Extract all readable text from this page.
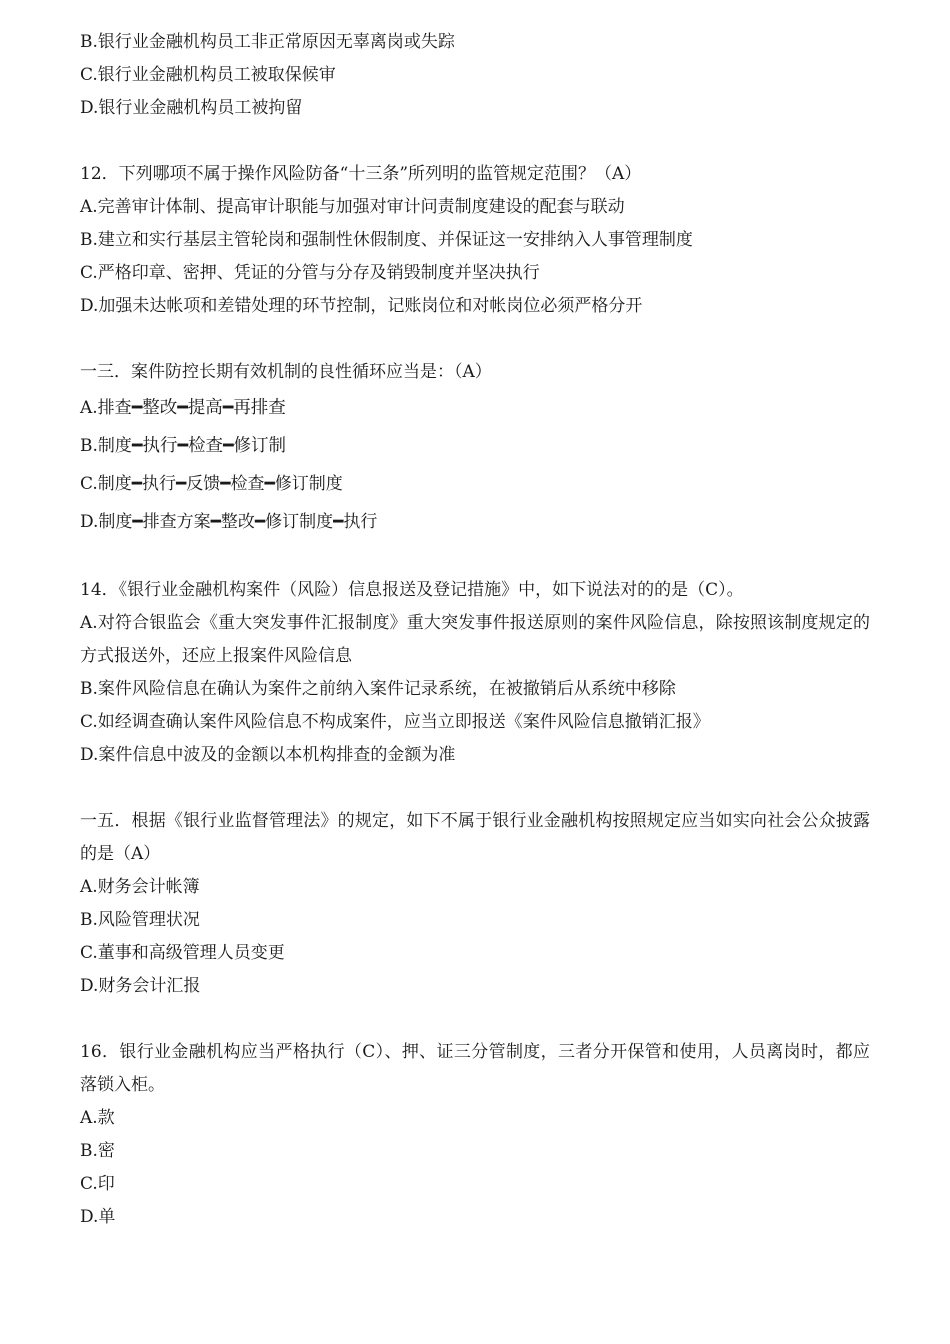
B.银行业金融机构员工非正常原因无辜离岗或失踪
C.银行业金融机构员工被取保候审
D.银行业金融机构员工被拘留
12．下列哪项不属于操作风险防备“十三条”所列明的监管规定范围？（A）
A.完善审计体制、提高审计职能与加强对审计问责制度建设的配套与联动
B.建立和实行基层主管轮岗和强制性休假制度、并保证这一安排纳入人事管理制度
C.严格印章、密押、凭证的分管与分存及销毁制度并坚决执行
D.加强未达帐项和差错处理的环节控制，记账岗位和对帐岗位必须严格分开
一三．案件防控长期有效机制的良性循环应当是：（A）
A.排查━整改━提高━再排查
B.制度━执行━检查━修订制
C.制度━执行━反馈━检查━修订制度
D.制度━排查方案━整改━修订制度━执行
14．《银行业金融机构案件（风险）信息报送及登记措施》中，如下说法对的的是（C）。
A.对符合银监会《重大突发事件汇报制度》重大突发事件报送原则的案件风险信息，除按照该制度规定的方式报送外，还应上报案件风险信息
B.案件风险信息在确认为案件之前纳入案件记录系统，在被撤销后从系统中移除
C.如经调查确认案件风险信息不构成案件，应当立即报送《案件风险信息撤销汇报》
D.案件信息中波及的金额以本机构排查的金额为准
一五．根据《银行业监督管理法》的规定，如下不属于银行业金融机构按照规定应当如实向社会公众披露的是（A）
A.财务会计帐簿
B.风险管理状况
C.董事和高级管理人员变更
D.财务会计汇报
16．银行业金融机构应当严格执行（C）、押、证三分管制度，三者分开保管和使用，人员离岗时，都应落锁入柜。
A.款
B.密
C.印
D.单
